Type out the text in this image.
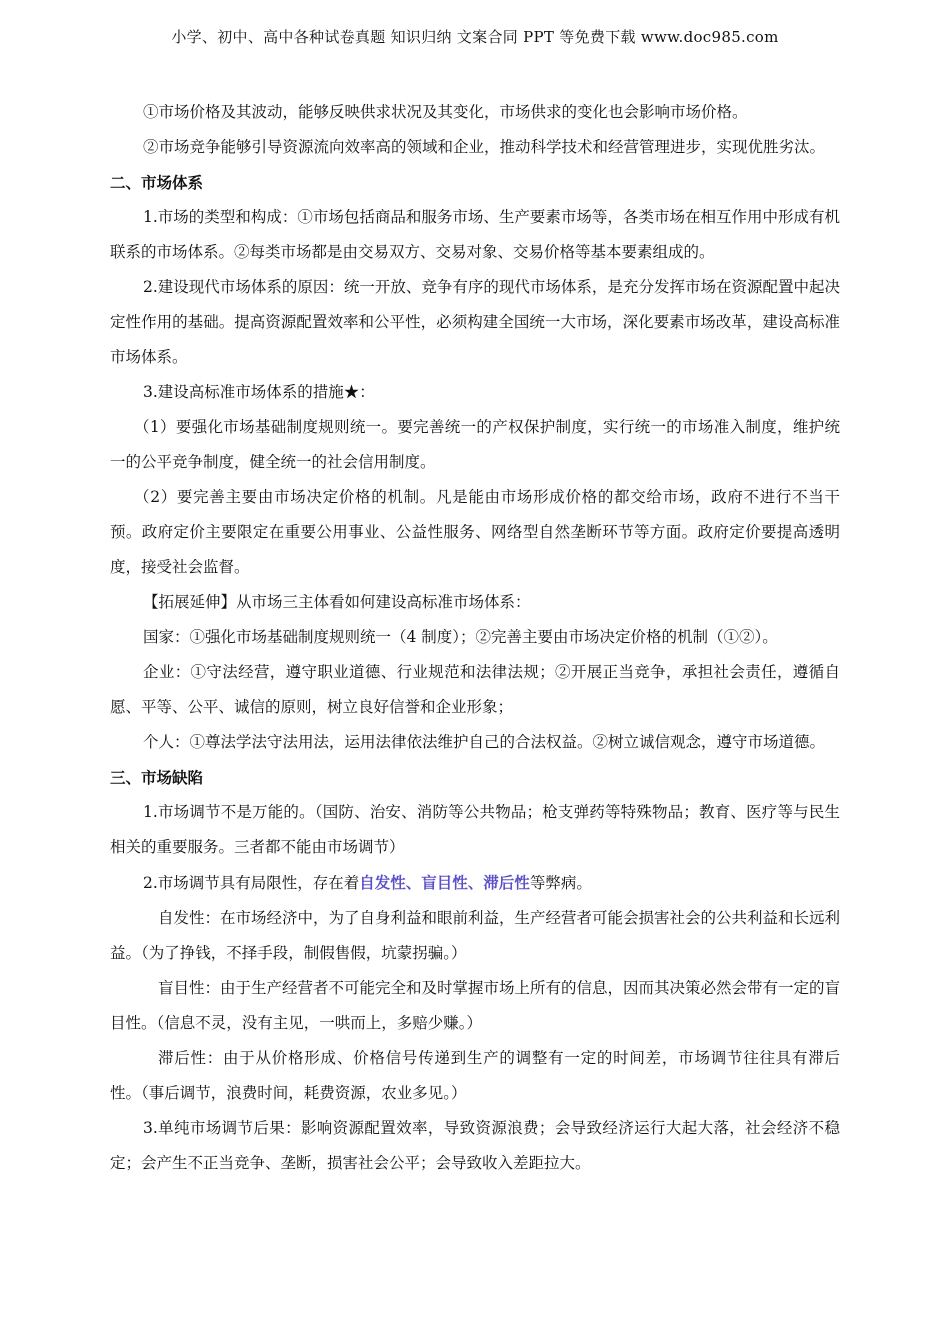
小学、初中、高中各种试卷真题 知识归纳 文案合同 PPT 等免费下载 www.doc985.com

①市场价格及其波动，能够反映供求状况及其变化，市场供求的变化也会影响市场价格。

②市场竞争能够引导资源流向效率高的领域和企业，推动科学技术和经营管理进步，实现优胜劣汰。

二、市场体系

1.市场的类型和构成：①市场包括商品和服务市场、生产要素市场等，各类市场在相互作用中形成有机联系的市场体系。②每类市场都是由交易双方、交易对象、交易价格等基本要素组成的。

2.建设现代市场体系的原因：统一开放、竞争有序的现代市场体系，是充分发挥市场在资源配置中起决定性作用的基础。提高资源配置效率和公平性，必须构建全国统一大市场，深化要素市场改革，建设高标准市场体系。

3.建设高标准市场体系的措施★：

（1）要强化市场基础制度规则统一。要完善统一的产权保护制度，实行统一的市场准入制度，维护统一的公平竞争制度，健全统一的社会信用制度。

（2）要完善主要由市场决定价格的机制。凡是能由市场形成价格的都交给市场，政府不进行不当干预。政府定价主要限定在重要公用事业、公益性服务、网络型自然垄断环节等方面。政府定价要提高透明度，接受社会监督。

【拓展延伸】从市场三主体看如何建设高标准市场体系：

国家：①强化市场基础制度规则统一（4 制度）；②完善主要由市场决定价格的机制（①②）。

企业：①守法经营，遵守职业道德、行业规范和法律法规；②开展正当竞争，承担社会责任，遵循自愿、平等、公平、诚信的原则，树立良好信誉和企业形象；

个人：①尊法学法守法用法，运用法律依法维护自己的合法权益。②树立诚信观念，遵守市场道德。

三、市场缺陷

1.市场调节不是万能的。（国防、治安、消防等公共物品；枪支弹药等特殊物品；教育、医疗等与民生相关的重要服务。三者都不能由市场调节）

2.市场调节具有局限性，存在着自发性、盲目性、滞后性等弊病。

自发性：在市场经济中，为了自身利益和眼前利益，生产经营者可能会损害社会的公共利益和长远利益。（为了挣钱，不择手段，制假售假，坑蒙拐骗。）

盲目性：由于生产经营者不可能完全和及时掌握市场上所有的信息，因而其决策必然会带有一定的盲目性。（信息不灵，没有主见，一哄而上，多赔少赚。）

滞后性：由于从价格形成、价格信号传递到生产的调整有一定的时间差，市场调节往往具有滞后性。（事后调节，浪费时间，耗费资源，农业多见。）

3.单纯市场调节后果：影响资源配置效率，导致资源浪费；会导致经济运行大起大落，社会经济不稳定；会产生不正当竞争、垄断，损害社会公平；会导致收入差距拉大。
